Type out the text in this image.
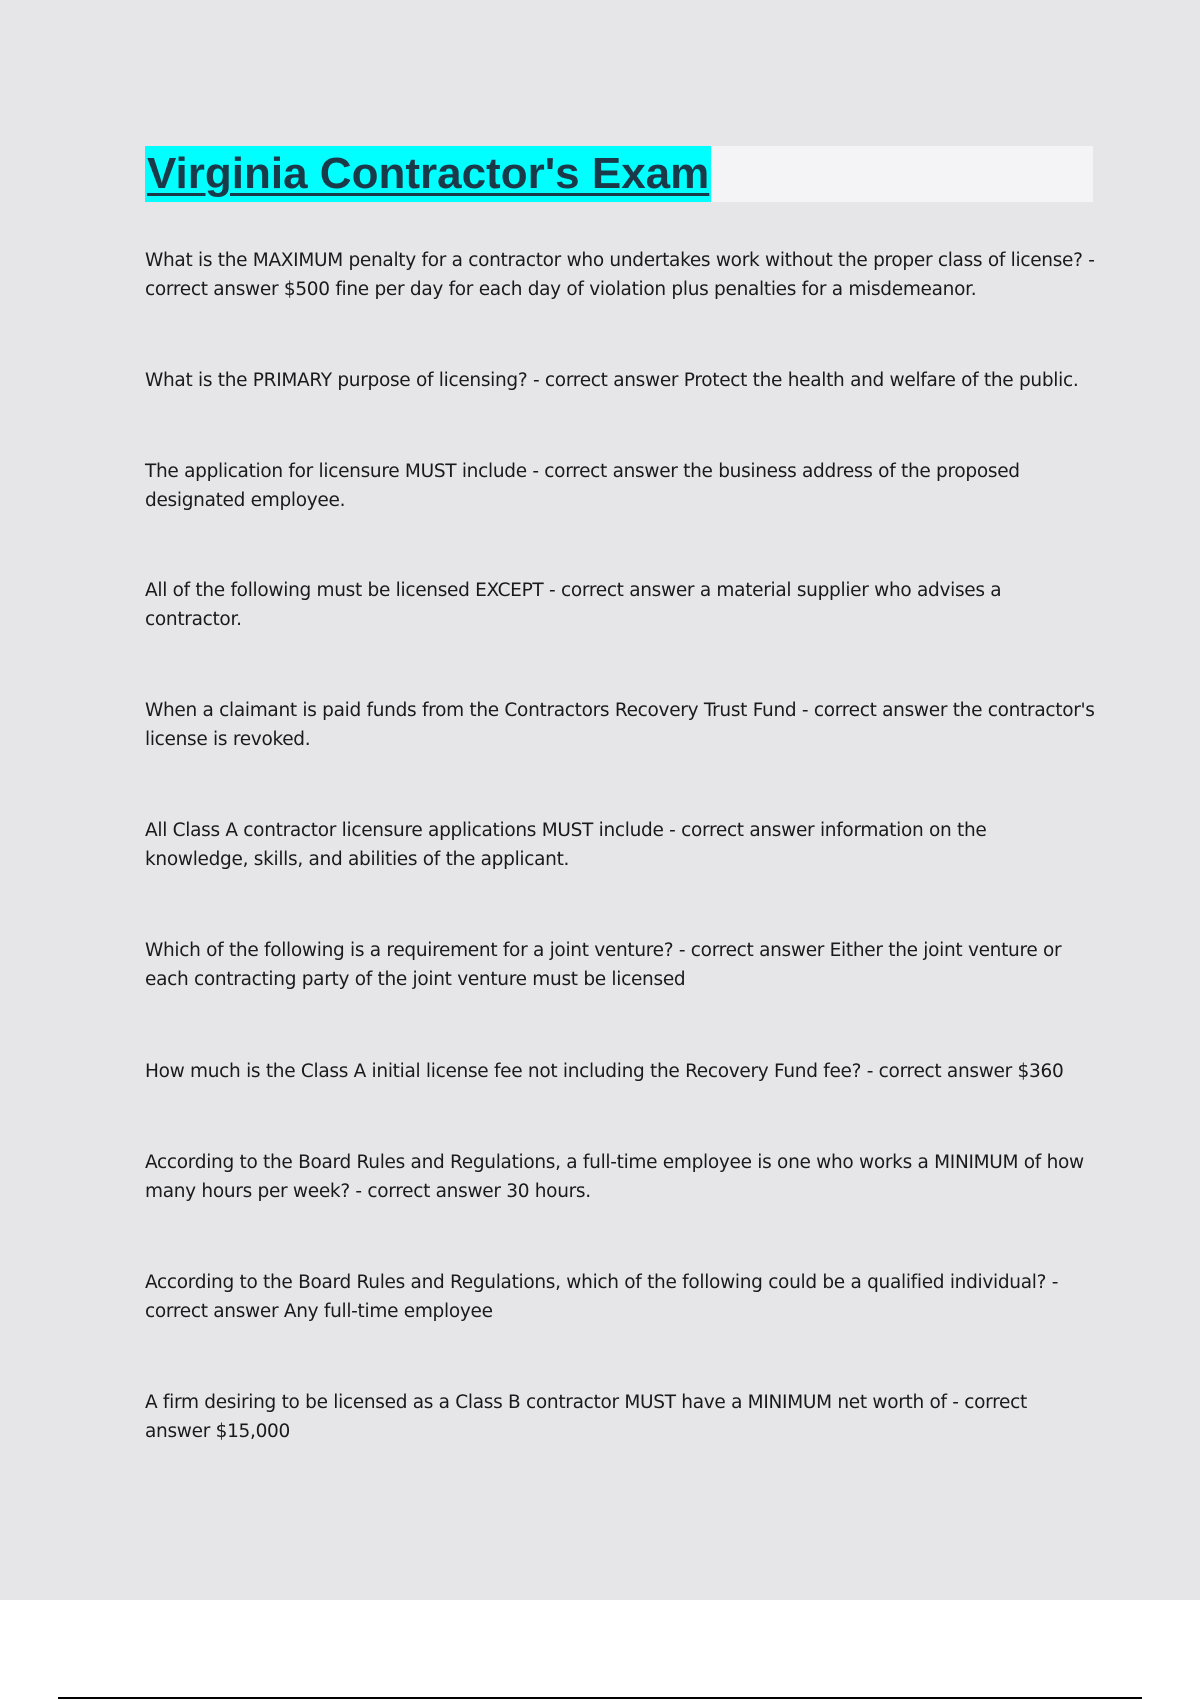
Virginia Contractor's Exam

What is the MAXIMUM penalty for a contractor who undertakes work without the proper class of license? - correct answer $500 fine per day for each day of violation plus penalties for a misdemeanor.

What is the PRIMARY purpose of licensing? - correct answer Protect the health and welfare of the public.

The application for licensure MUST include - correct answer the business address of the proposed designated employee.

All of the following must be licensed EXCEPT - correct answer a material supplier who advises a contractor.

When a claimant is paid funds from the Contractors Recovery Trust Fund - correct answer the contractor's license is revoked.

All Class A contractor licensure applications MUST include - correct answer information on the knowledge, skills, and abilities of the applicant.

Which of the following is a requirement for a joint venture? - correct answer Either the joint venture or each contracting party of the joint venture must be licensed

How much is the Class A initial license fee not including the Recovery Fund fee? - correct answer $360

According to the Board Rules and Regulations, a full-time employee is one who works a MINIMUM of how many hours per week? - correct answer 30 hours.

According to the Board Rules and Regulations, which of the following could be a qualified individual? - correct answer Any full-time employee

A firm desiring to be licensed as a Class B contractor MUST have a MINIMUM net worth of - correct answer $15,000
